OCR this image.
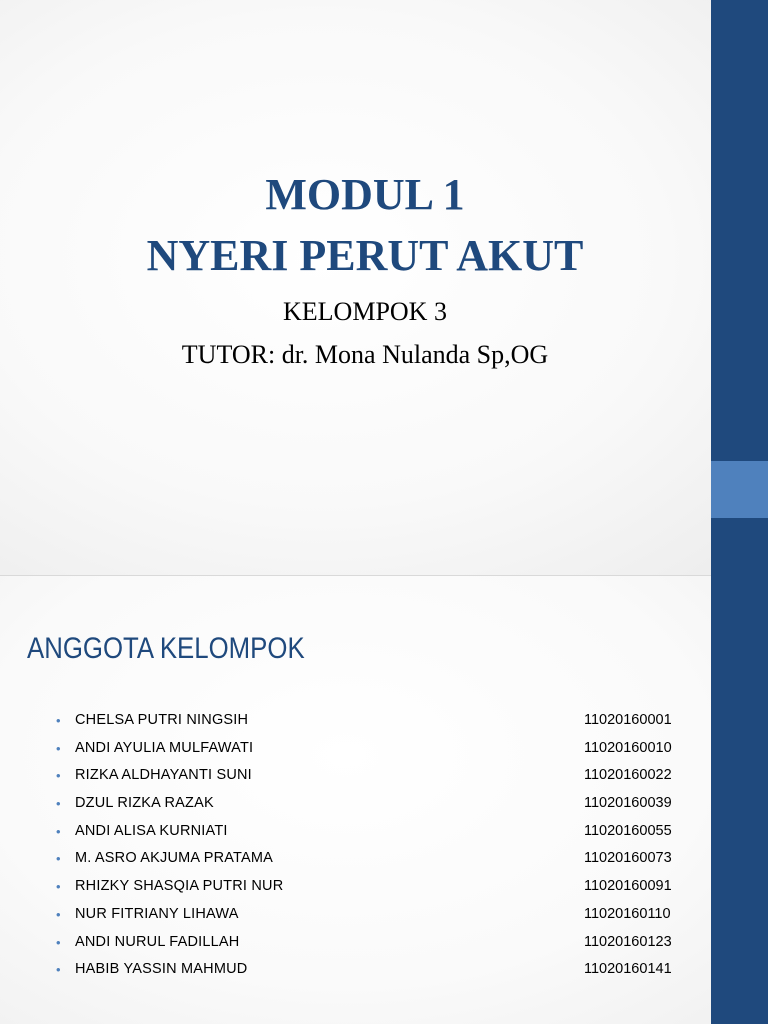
MODUL 1
NYERI PERUT AKUT

KELOMPOK 3

TUTOR: dr. Mona Nulanda Sp,OG

ANGGOTA KELOMPOK
• CHELSA PUTRI NINGSIH	11020160001
• ANDI AYULIA MULFAWATI	11020160010
• RIZKA ALDHAYANTI SUNI	11020160022
• DZUL RIZKA RAZAK	11020160039
• ANDI ALISA KURNIATI	11020160055
• M. ASRO AKJUMA PRATAMA	11020160073
• RHIZKY SHASQIA PUTRI NUR	11020160091
• NUR FITRIANY LIHAWA	11020160110
• ANDI NURUL FADILLAH	11020160123
• HABIB YASSIN MAHMUD	11020160141
